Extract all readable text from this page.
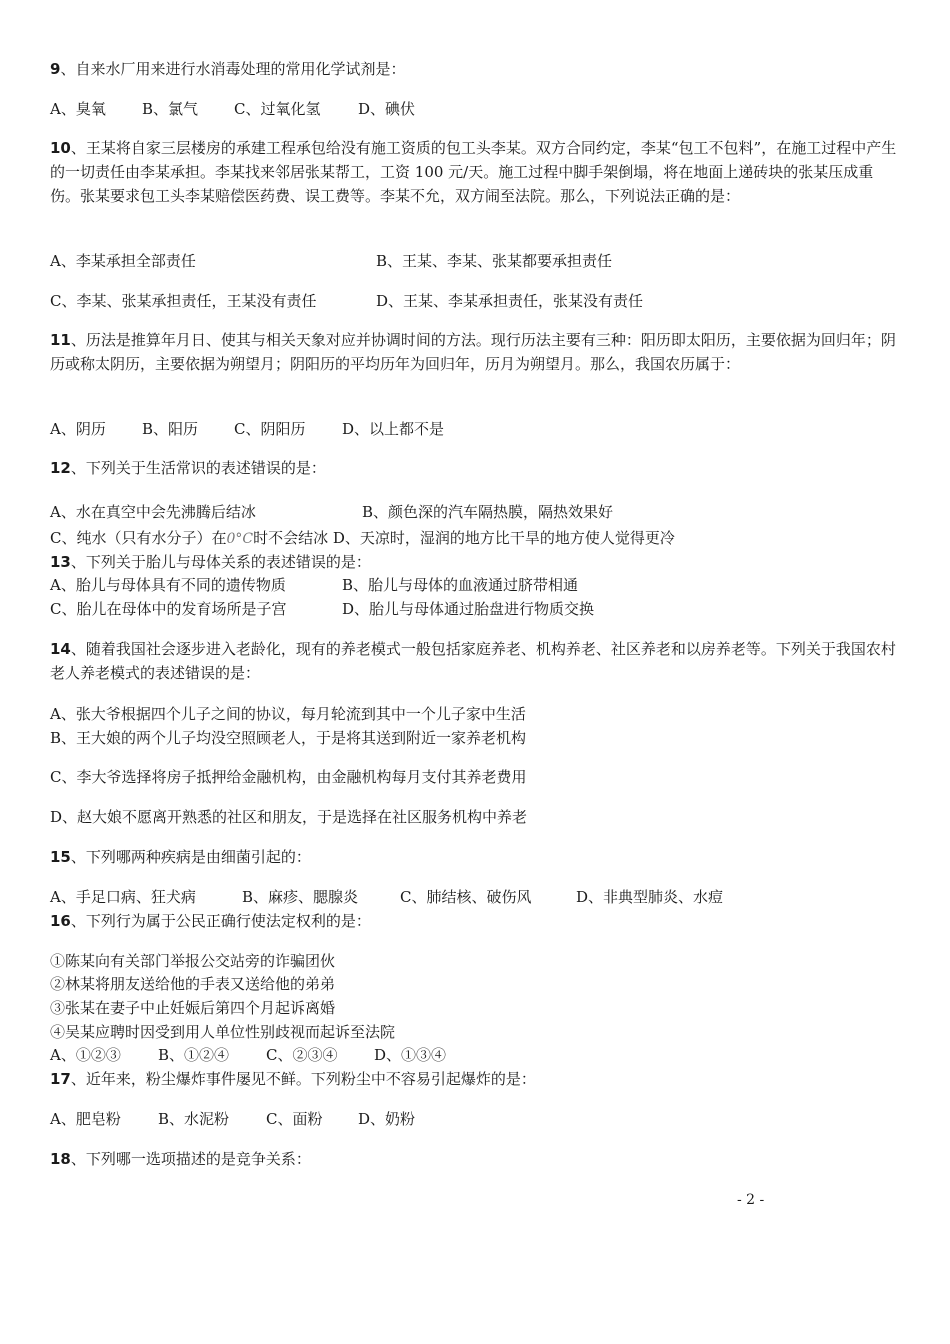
9、自来水厂用来进行水消毒处理的常用化学试剂是：
A、臭氧 B、氯气 C、过氧化氢	D、碘伏
10、王某将自家三层楼房的承建工程承包给没有施工资质的包工头李某。双方合同约定，李某“包工不包料”，在施工过程中产生的一切责任由李某承担。李某找来邻居张某帮工，工资 100 元/天。施工过程中脚手架倒塌，将在地面上递砖块的张某压成重伤。张某要求包工头李某赔偿医药费、误工费等。李某不允，双方闹至法院。那么，下列说法正确的是：
A、李某承担全部责任	B、王某、李某、张某都要承担责任
C、李某、张某承担责任，王某没有责任	D、王某、李某承担责任，张某没有责任
11、历法是推算年月日、使其与相关天象对应并协调时间的方法。现行历法主要有三种：阳历即太阳历，主要依据为回归年；阴历或称太阴历，主要依据为朔望月；阴阳历的平均历年为回归年，历月为朔望月。那么，我国农历属于：
A、阴历 B、阳历 C、阴阳历 D、以上都不是
12、下列关于生活常识的表述错误的是：
A、水在真空中会先沸腾后结冰	B、颜色深的汽车隔热膜，隔热效果好
C、纯水（只有水分子）在0°C时不会结冰 D、天凉时，湿润的地方比干旱的地方使人觉得更冷
13、下列关于胎儿与母体关系的表述错误的是：
A、胎儿与母体具有不同的遗传物质	B、胎儿与母体的血液通过脐带相通
C、胎儿在母体中的发育场所是子宫	D、胎儿与母体通过胎盘进行物质交换
14、随着我国社会逐步进入老龄化，现有的养老模式一般包括家庭养老、机构养老、社区养老和以房养老等。下列关于我国农村老人养老模式的表述错误的是：
A、张大爷根据四个儿子之间的协议，每月轮流到其中一个儿子家中生活
B、王大娘的两个儿子均没空照顾老人，于是将其送到附近一家养老机构
C、李大爷选择将房子抵押给金融机构，由金融机构每月支付其养老费用
D、赵大娘不愿离开熟悉的社区和朋友，于是选择在社区服务机构中养老
15、下列哪两种疾病是由细菌引起的：
A、手足口病、狂犬病	B、麻疹、腮腺炎	C、肺结核、破伤风	D、非典型肺炎、水痘
16、下列行为属于公民正确行使法定权利的是：
①陈某向有关部门举报公交站旁的诈骗团伙
②林某将朋友送给他的手表又送给他的弟弟
③张某在妻子中止妊娠后第四个月起诉离婚
④吴某应聘时因受到用人单位性别歧视而起诉至法院
A、①②③ B、①②④ C、②③④ D、①③④
17、近年来，粉尘爆炸事件屡见不鲜。下列粉尘中不容易引起爆炸的是：
A、肥皂粉 B、水泥粉 C、面粉 D、奶粉
18、下列哪一选项描述的是竞争关系：
- 2 -
